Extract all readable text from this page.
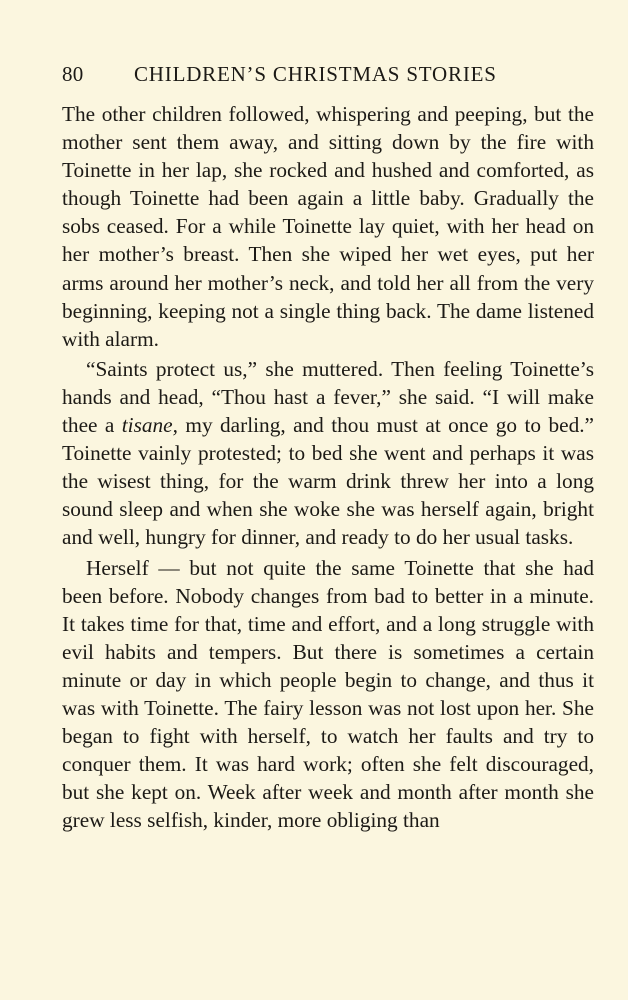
80 CHILDREN’S CHRISTMAS STORIES

The other children followed, whispering and peeping, but the mother sent them away, and sitting down by the fire with Toinette in her lap, she rocked and hushed and comforted, as though Toinette had been again a little baby. Gradually the sobs ceased. For a while Toinette lay quiet, with her head on her mother’s breast. Then she wiped her wet eyes, put her arms around her mother’s neck, and told her all from the very beginning, keeping not a single thing back. The dame listened with alarm.

“Saints protect us,” she muttered. Then feeling Toinette’s hands and head, “Thou hast a fever,” she said. “I will make thee a tisane, my darling, and thou must at once go to bed.” Toinette vainly protested; to bed she went and perhaps it was the wisest thing, for the warm drink threw her into a long sound sleep and when she woke she was herself again, bright and well, hungry for dinner, and ready to do her usual tasks.

Herself — but not quite the same Toinette that she had been before. Nobody changes from bad to better in a minute. It takes time for that, time and effort, and a long struggle with evil habits and tempers. But there is sometimes a certain minute or day in which people begin to change, and thus it was with Toinette. The fairy lesson was not lost upon her. She began to fight with herself, to watch her faults and try to conquer them. It was hard work; often she felt discouraged, but she kept on. Week after week and month after month she grew less selfish, kinder, more obliging than
